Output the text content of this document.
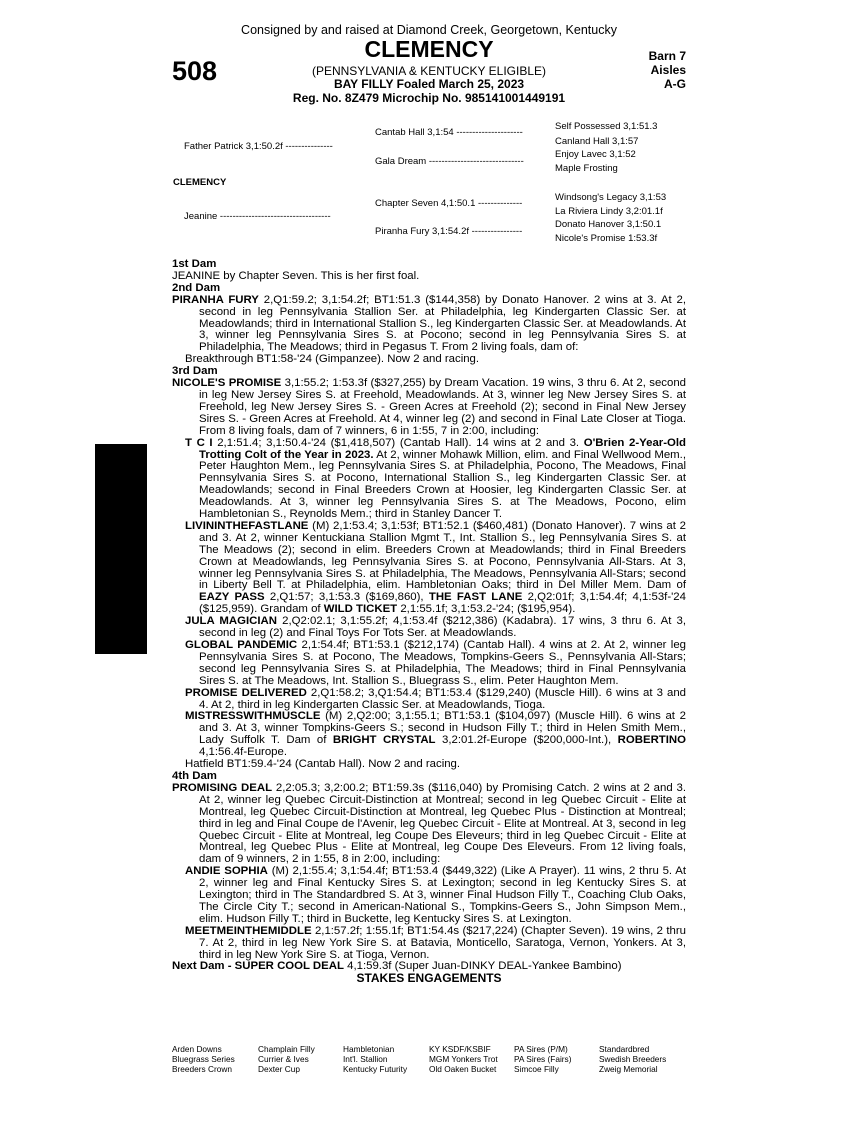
Consigned by and raised at Diamond Creek, Georgetown, Kentucky
508
CLEMENCY
(PENNSYLVANIA & KENTUCKY ELIGIBLE)
BAY FILLY Foaled March 25, 2023
Reg. No. 8Z479 Microchip No. 985141001449191
Barn 7
Aisles
A-G
Father Patrick 3,1:50.2f ---------------
CLEMENCY
Jeanine -----------------------------------
Cantab Hall 3,1:54 ---------------------
Gala Dream ------------------------------
Chapter Seven 4,1:50.1 --------------
Piranha Fury 3,1:54.2f ----------------
Self Possessed 3,1:51.3
Canland Hall 3,1:57
Enjoy Lavec 3,1:52
Maple Frosting
Windsong's Legacy 3,1:53
La Riviera Lindy 3,2:01.1f
Donato Hanover 3,1:50.1
Nicole's Promise 1:53.3f
1st Dam

JEANINE by Chapter Seven. This is her first foal.

2nd Dam

PIRANHA FURY 2,Q1:59.2; 3,1:54.2f; BT1:51.3 ($144,358) by Donato Hanover. 2 wins at 3. At 2, second in leg Pennsylvania Stallion Ser. at Philadelphia, leg Kindergarten Classic Ser. at Meadowlands; third in International Stallion S., leg Kindergarten Classic Ser. at Meadowlands. At 3, winner leg Pennsylvania Sires S. at Pocono; second in leg Pennsylvania Sires S. at Philadelphia, The Meadows; third in Pegasus T. From 2 living foals, dam of:

Breakthrough BT1:58-'24 (Gimpanzee). Now 2 and racing.

3rd Dam

NICOLE'S PROMISE 3,1:55.2; 1:53.3f ($327,255) by Dream Vacation. 19 wins, 3 thru 6. At 2, second in leg New Jersey Sires S. at Freehold, Meadowlands. At 3, winner leg New Jersey Sires S. at Freehold, leg New Jersey Sires S. - Green Acres at Freehold (2); second in Final New Jersey Sires S. - Green Acres at Freehold. At 4, winner leg (2) and second in Final Late Closer at Tioga. From 8 living foals, dam of 7 winners, 6 in 1:55, 7 in 2:00, including:

T C I 2,1:51.4; 3,1:50.4-'24 ($1,418,507) (Cantab Hall). 14 wins at 2 and 3. O'Brien 2-Year-Old Trotting Colt of the Year in 2023. At 2, winner Mohawk Million, elim. and Final Wellwood Mem., Peter Haughton Mem., leg Pennsylvania Sires S. at Philadelphia, Pocono, The Meadows, Final Pennsylvania Sires S. at Pocono, International Stallion S., leg Kindergarten Classic Ser. at Meadowlands; second in Final Breeders Crown at Hoosier, leg Kindergarten Classic Ser. at Meadowlands. At 3, winner leg Pennsylvania Sires S. at The Meadows, Pocono, elim Hambletonian S., Reynolds Mem.; third in Stanley Dancer T.

LIVININTHEFASTLANE (M) 2,1:53.4; 3,1:53f; BT1:52.1 ($460,481) (Donato Hanover). 7 wins at 2 and 3. At 2, winner Kentuckiana Stallion Mgmt T., Int. Stallion S., leg Pennsylvania Sires S. at The Meadows (2); second in elim. Breeders Crown at Meadowlands; third in Final Breeders Crown at Meadowlands, leg Pennsylvania Sires S. at Pocono, Pennsylvania All-Stars. At 3, winner leg Pennsylvania Sires S. at Philadelphia, The Meadows, Pennsylvania All-Stars; second in Liberty Bell T. at Philadelphia, elim. Hambletonian Oaks; third in Del Miller Mem. Dam of EAZY PASS 2,Q1:57; 3,1:53.3 ($169,860), THE FAST LANE 2,Q2:01f; 3,1:54.4f; 4,1:53f-'24 ($125,959). Grandam of WILD TICKET 2,1:55.1f; 3,1:53.2-'24; ($195,954).

JULA MAGICIAN 2,Q2:02.1; 3,1:55.2f; 4,1:53.4f ($212,386) (Kadabra). 17 wins, 3 thru 6. At 3, second in leg (2) and Final Toys For Tots Ser. at Meadowlands.

GLOBAL PANDEMIC 2,1:54.4f; BT1:53.1 ($212,174) (Cantab Hall). 4 wins at 2. At 2, winner leg Pennsylvania Sires S. at Pocono, The Meadows, Tompkins-Geers S., Pennsylvania All-Stars; second leg Pennsylvania Sires S. at Philadelphia, The Meadows; third in Final Pennsylvania Sires S. at The Meadows, Int. Stallion S., Bluegrass S., elim. Peter Haughton Mem.

PROMISE DELIVERED 2,Q1:58.2; 3,Q1:54.4; BT1:53.4 ($129,240) (Muscle Hill). 6 wins at 3 and 4. At 2, third in leg Kindergarten Classic Ser. at Meadowlands, Tioga.

MISTRESSWITHMUSCLE (M) 2,Q2:00; 3,1:55.1; BT1:53.1 ($104,097) (Muscle Hill). 6 wins at 2 and 3. At 3, winner Tompkins-Geers S.; second in Hudson Filly T.; third in Helen Smith Mem., Lady Suffolk T. Dam of BRIGHT CRYSTAL 3,2:01.2f-Europe ($200,000-Int.), ROBERTINO 4,1:56.4f-Europe.

Hatfield BT1:59.4-'24 (Cantab Hall). Now 2 and racing.

4th Dam

PROMISING DEAL 2,2:05.3; 3,2:00.2; BT1:59.3s ($116,040) by Promising Catch. 2 wins at 2 and 3. At 2, winner leg Quebec Circuit-Distinction at Montreal; second in leg Quebec Circuit - Elite at Montreal, leg Quebec Circuit-Distinction at Montreal, leg Quebec Plus - Distinction at Montreal; third in leg and Final Coupe de l'Avenir, leg Quebec Circuit - Elite at Montreal. At 3, second in leg Quebec Circuit - Elite at Montreal, leg Coupe Des Eleveurs; third in leg Quebec Circuit - Elite at Montreal, leg Quebec Plus - Elite at Montreal, leg Coupe Des Eleveurs. From 12 living foals, dam of 9 winners, 2 in 1:55, 8 in 2:00, including:

ANDIE SOPHIA (M) 2,1:55.4; 3,1:54.4f; BT1:53.4 ($449,322) (Like A Prayer). 11 wins, 2 thru 5. At 2, winner leg and Final Kentucky Sires S. at Lexington; second in leg Kentucky Sires S. at Lexington; third in The Standardbred S. At 3, winner Final Hudson Filly T., Coaching Club Oaks, The Circle City T.; second in American-National S., Tompkins-Geers S., John Simpson Mem., elim. Hudson Filly T.; third in Buckette, leg Kentucky Sires S. at Lexington.

MEETMEINTHEMIDDLE 2,1:57.2f; 1:55.1f; BT1:54.4s ($217,224) (Chapter Seven). 19 wins, 2 thru 7. At 2, third in leg New York Sire S. at Batavia, Monticello, Saratoga, Vernon, Yonkers. At 3, third in leg New York Sire S. at Tioga, Vernon.

Next Dam - SUPER COOL DEAL 4,1:59.3f (Super Juan-DINKY DEAL-Yankee Bambino)

STAKES ENGAGEMENTS
Arden Downs
Bluegrass Series
Breeders Crown
Champlain Filly
Currier & Ives
Dexter Cup
Hambletonian
Int'l. Stallion
Kentucky Futurity
KY KSDF/KSBIF
MGM Yonkers Trot
Old Oaken Bucket
PA Sires (P/M)
PA Sires (Fairs)
Simcoe Filly
Standardbred
Swedish Breeders
Zweig Memorial
